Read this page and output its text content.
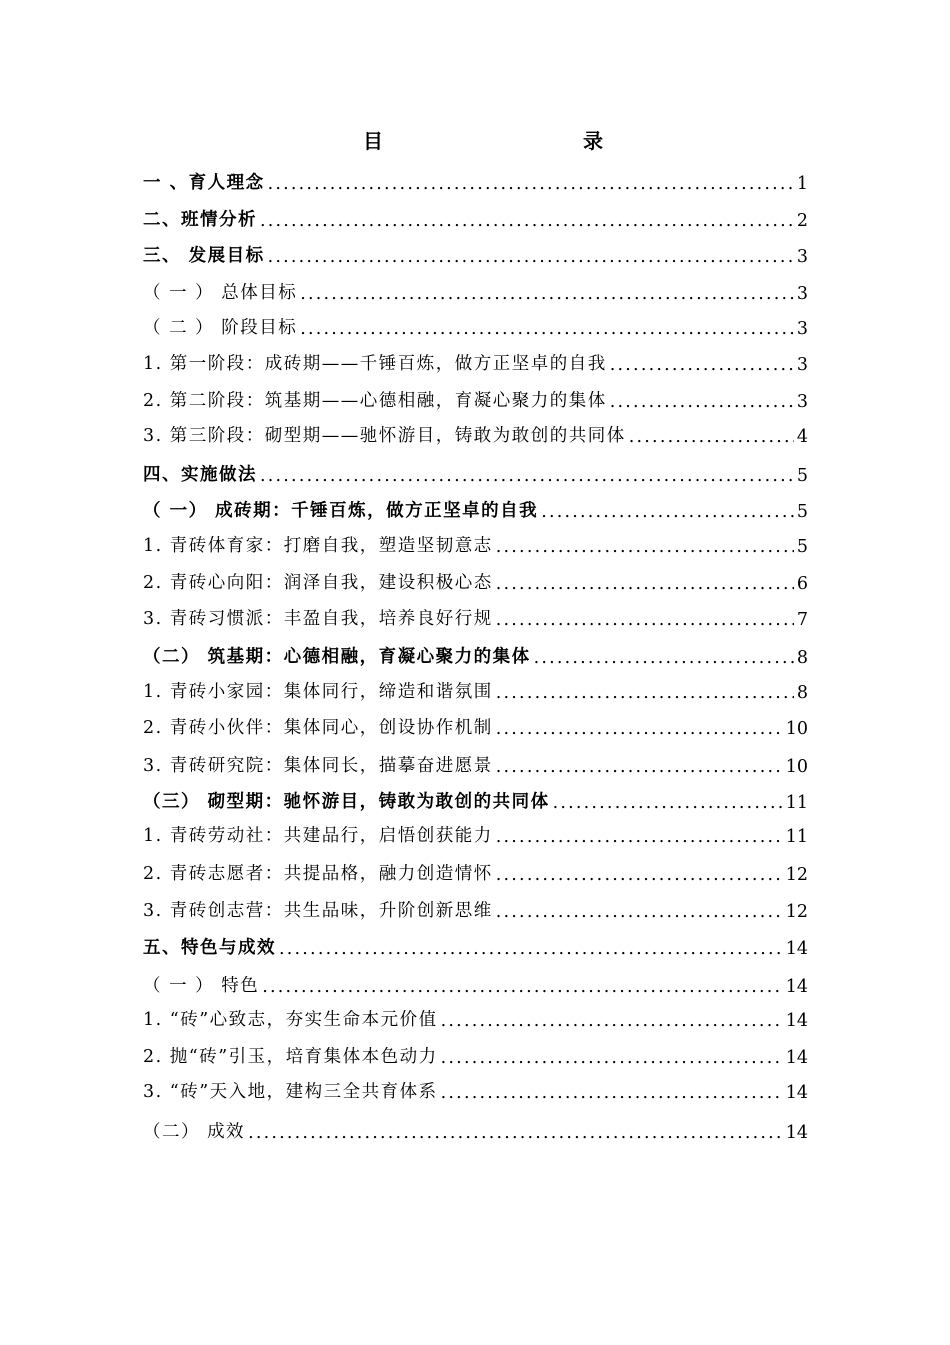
目	录
一 、育人理念 .....	1
二、班情分析 .....	2
三、 发展目标 .....	3
（ 一 ） 总体目标 .....	3
（ 二 ） 阶段目标 .....	3
1. 第一阶段：成砖期——千锤百炼，做方正坚卓的自我 .....	3
2. 第二阶段：筑基期——心德相融，育凝心聚力的集体 .....	3
3. 第三阶段：砌型期——驰怀游目，铸敢为敢创的共同体 .....	4
四、实施做法 .....	5
（ 一） 成砖期：千锤百炼，做方正坚卓的自我 .....	5
1. 青砖体育家：打磨自我，塑造坚韧意志 .....	5
2. 青砖心向阳：润泽自我，建设积极心态 .....	6
3. 青砖习惯派：丰盈自我，培养良好行规 .....	7
（二） 筑基期：心德相融，育凝心聚力的集体 .....	8
1. 青砖小家园：集体同行，缔造和谐氛围 .....	8
2. 青砖小伙伴：集体同心，创设协作机制 .....	10
3. 青砖研究院：集体同长，描摹奋进愿景 .....	10
（三） 砌型期：驰怀游目，铸敢为敢创的共同体 .....	11
1. 青砖劳动社：共建品行，启悟创获能力 .....	11
2. 青砖志愿者：共提品格，融力创造情怀 .....	12
3. 青砖创志营：共生品味，升阶创新思维 .....	12
五、特色与成效 .....	14
（ 一 ） 特色 .....	14
1. “砖”心致志，夯实生命本元价值 .....	14
2. 抛“砖”引玉，培育集体本色动力 .....	14
3. “砖”天入地，建构三全共育体系 .....	14
（二） 成效 .....	14
